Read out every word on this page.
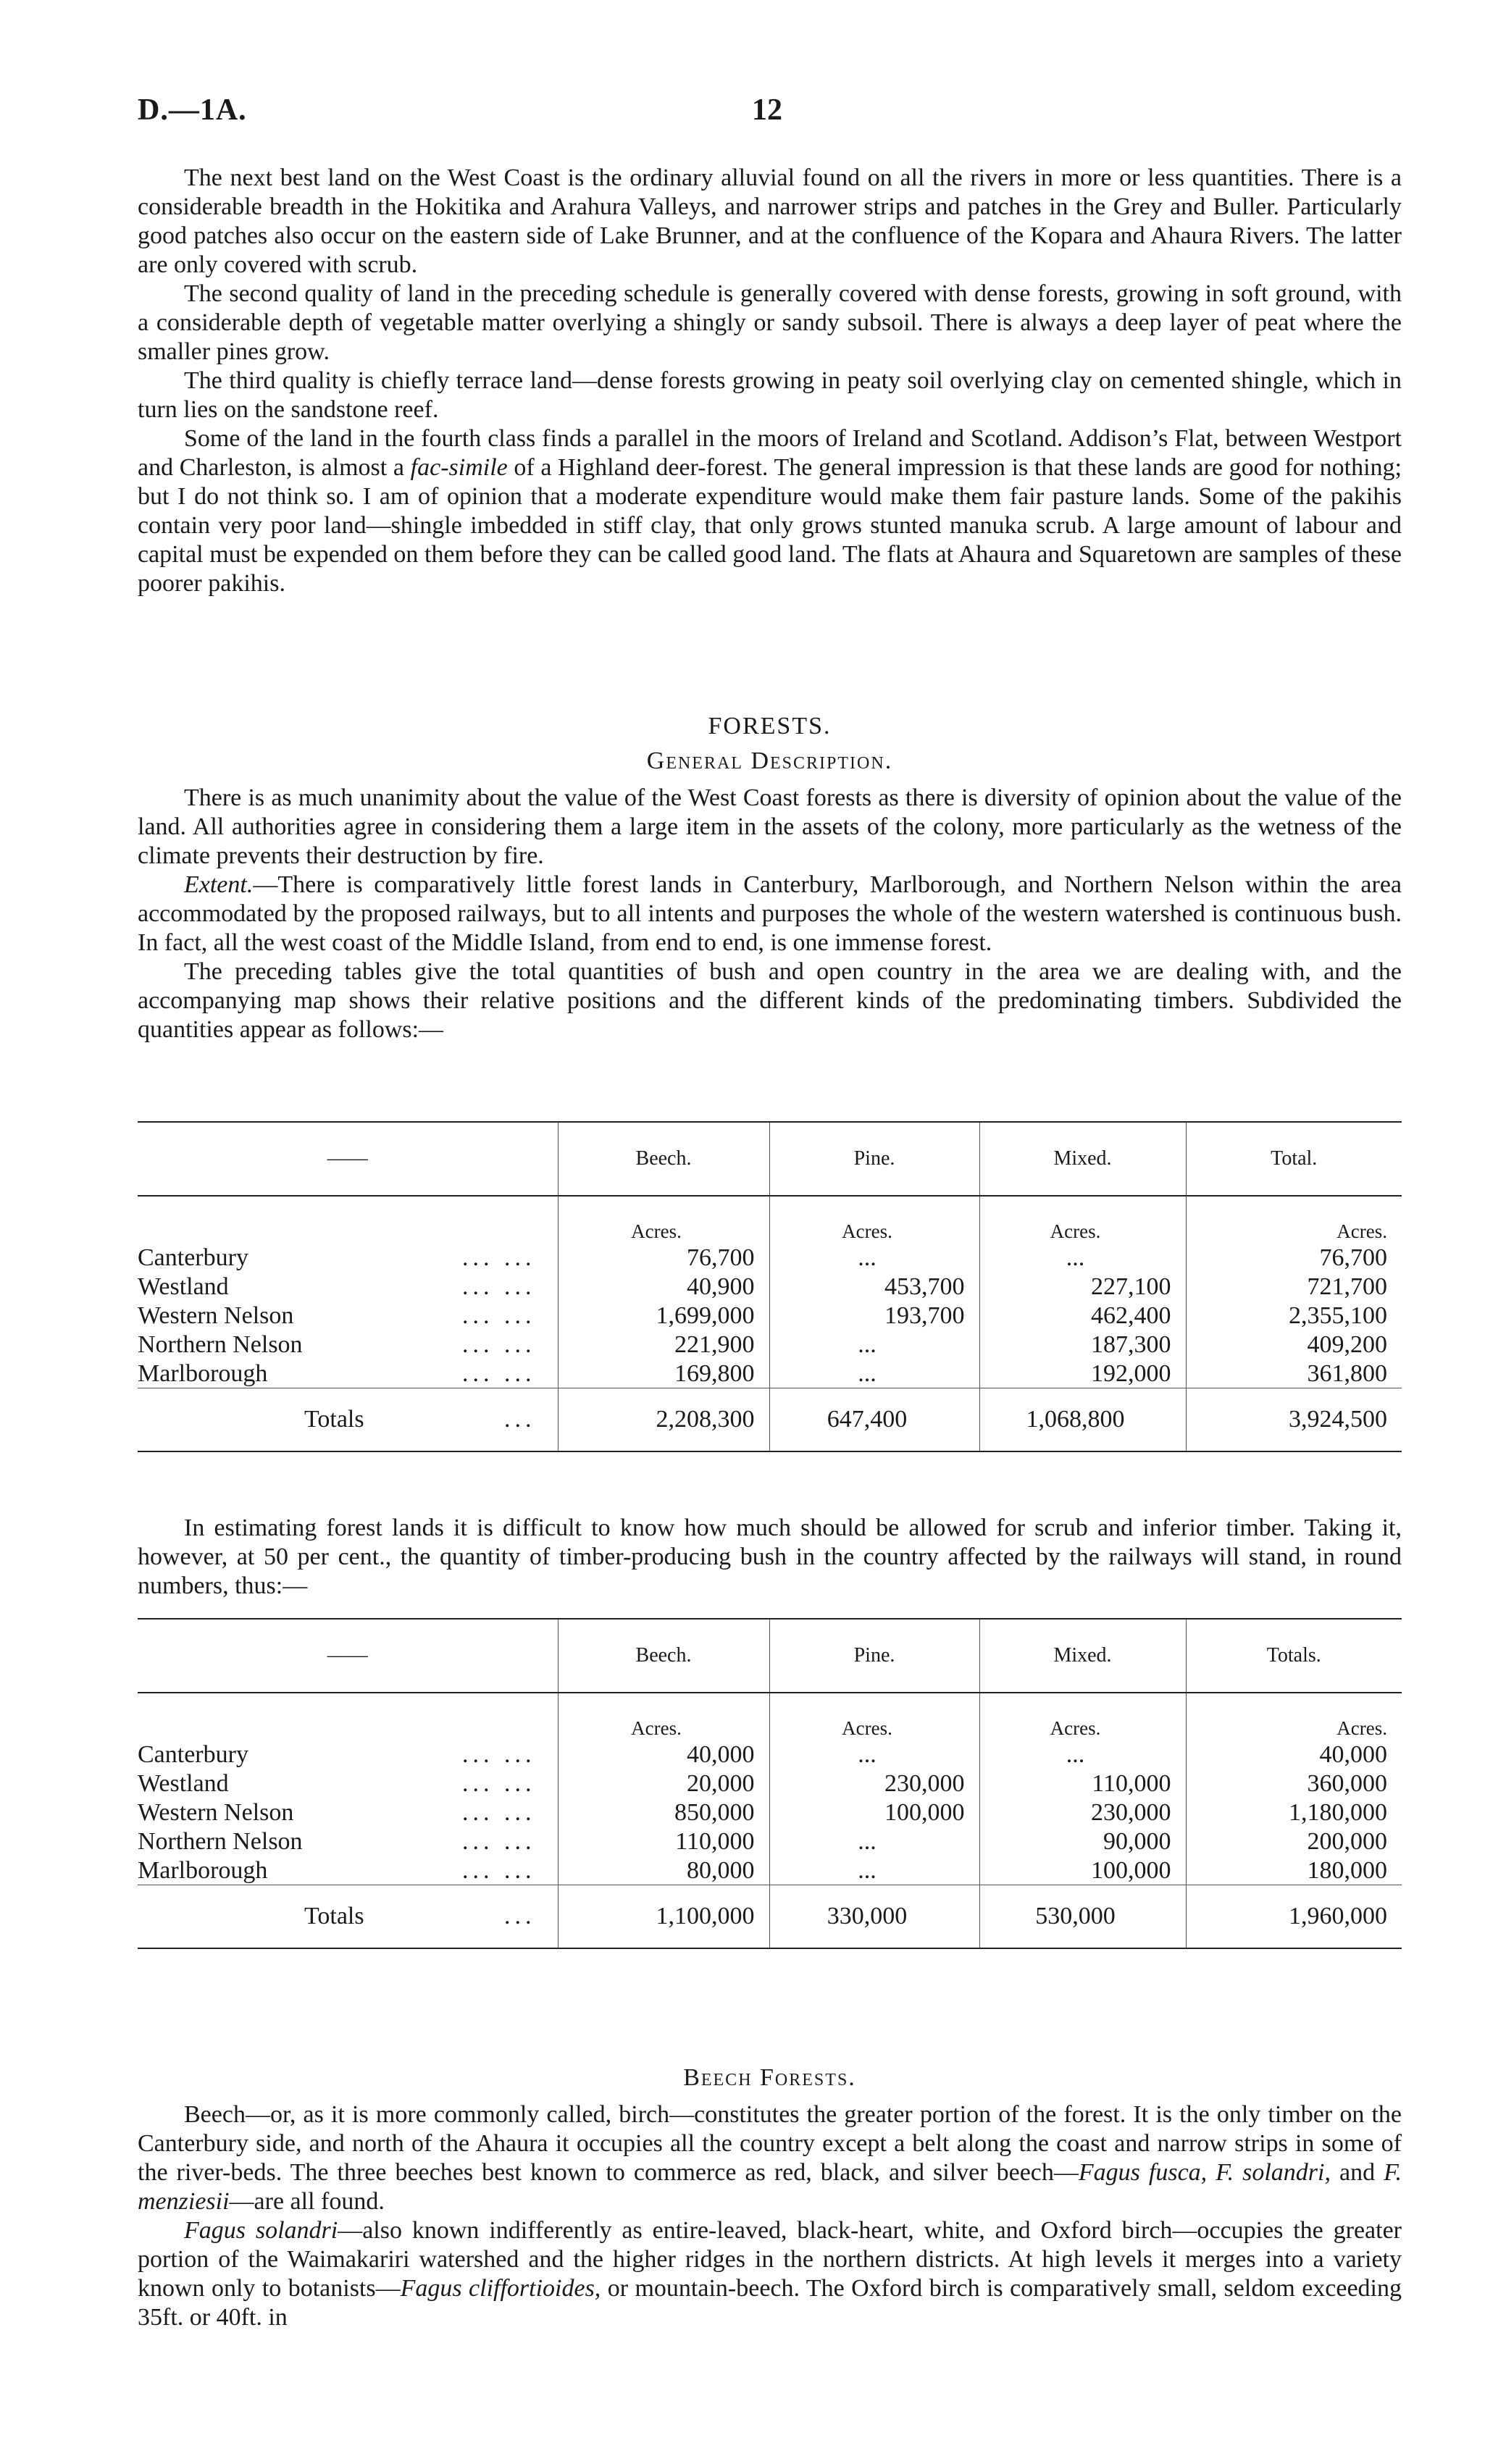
D.—1A.	12

The next best land on the West Coast is the ordinary alluvial found on all the rivers in more or less quantities. There is a considerable breadth in the Hokitika and Arahura Valleys, and narrower strips and patches in the Grey and Buller. Particularly good patches also occur on the eastern side of Lake Brunner, and at the confluence of the Kopara and Ahaura Rivers. The latter are only covered with scrub.

The second quality of land in the preceding schedule is generally covered with dense forests, growing in soft ground, with a considerable depth of vegetable matter overlying a shingly or sandy subsoil. There is always a deep layer of peat where the smaller pines grow.

The third quality is chiefly terrace land—dense forests growing in peaty soil overlying clay on cemented shingle, which in turn lies on the sandstone reef.

Some of the land in the fourth class finds a parallel in the moors of Ireland and Scotland. Addison’s Flat, between Westport and Charleston, is almost a fac-simile of a Highland deer-forest. The general impression is that these lands are good for nothing; but I do not think so. I am of opinion that a moderate expenditure would make them fair pasture lands. Some of the pakihis contain very poor land—shingle imbedded in stiff clay, that only grows stunted manuka scrub. A large amount of labour and capital must be expended on them before they can be called good land. The flats at Ahaura and Squaretown are samples of these poorer pakihis.

FORESTS.
General Description.

There is as much unanimity about the value of the West Coast forests as there is diversity of opinion about the value of the land. All authorities agree in considering them a large item in the assets of the colony, more particularly as the wetness of the climate prevents their destruction by fire.

Extent.—There is comparatively little forest lands in Canterbury, Marlborough, and Northern Nelson within the area accommodated by the proposed railways, but to all intents and purposes the whole of the western watershed is continuous bush. In fact, all the west coast of the Middle Island, from end to end, is one immense forest.

The preceding tables give the total quantities of bush and open country in the area we are dealing with, and the accompanying map shows their relative positions and the different kinds of the predominating timbers. Subdivided the quantities appear as follows:—

——	Beech.	Pine.	Mixed.	Total.
	Acres.	Acres.	Acres.	Acres.

Canterbury ... ...	76,700	...	...	76,700

Westland ... ...	40,900	453,700	227,100	721,700

Western Nelson ... ...	1,699,000	193,700	462,400	2,355,100

Northern Nelson ... ...	221,900	...	187,300	409,200

Marlborough ... ...	169,800	...	192,000	361,800

Totals ...	2,208,300	647,400	1,068,800	3,924,500

In estimating forest lands it is difficult to know how much should be allowed for scrub and inferior timber. Taking it, however, at 50 per cent., the quantity of timber-producing bush in the country affected by the railways will stand, in round numbers, thus:—

——	Beech.	Pine.	Mixed.	Totals.
	Acres.	Acres.	Acres.	Acres.

Canterbury ... ...	40,000	...	...	40,000

Westland ... ...	20,000	230,000	110,000	360,000

Western Nelson ... ...	850,000	100,000	230,000	1,180,000

Northern Nelson ... ...	110,000	...	90,000	200,000

Marlborough ... ...	80,000	...	100,000	180,000

Totals ...	1,100,000	330,000	530,000	1,960,000
Beech Forests.

Beech—or, as it is more commonly called, birch—constitutes the greater portion of the forest. It is the only timber on the Canterbury side, and north of the Ahaura it occupies all the country except a belt along the coast and narrow strips in some of the river-beds. The three beeches best known to commerce as red, black, and silver beech—Fagus fusca, F. solandri, and F. menziesii—are all found.

Fagus solandri—also known indifferently as entire-leaved, black-heart, white, and Oxford birch—occupies the greater portion of the Waimakariri watershed and the higher ridges in the northern districts. At high levels it merges into a variety known only to botanists—Fagus cliffortioides, or mountain-beech. The Oxford birch is comparatively small, seldom exceeding 35ft. or 40ft. in
